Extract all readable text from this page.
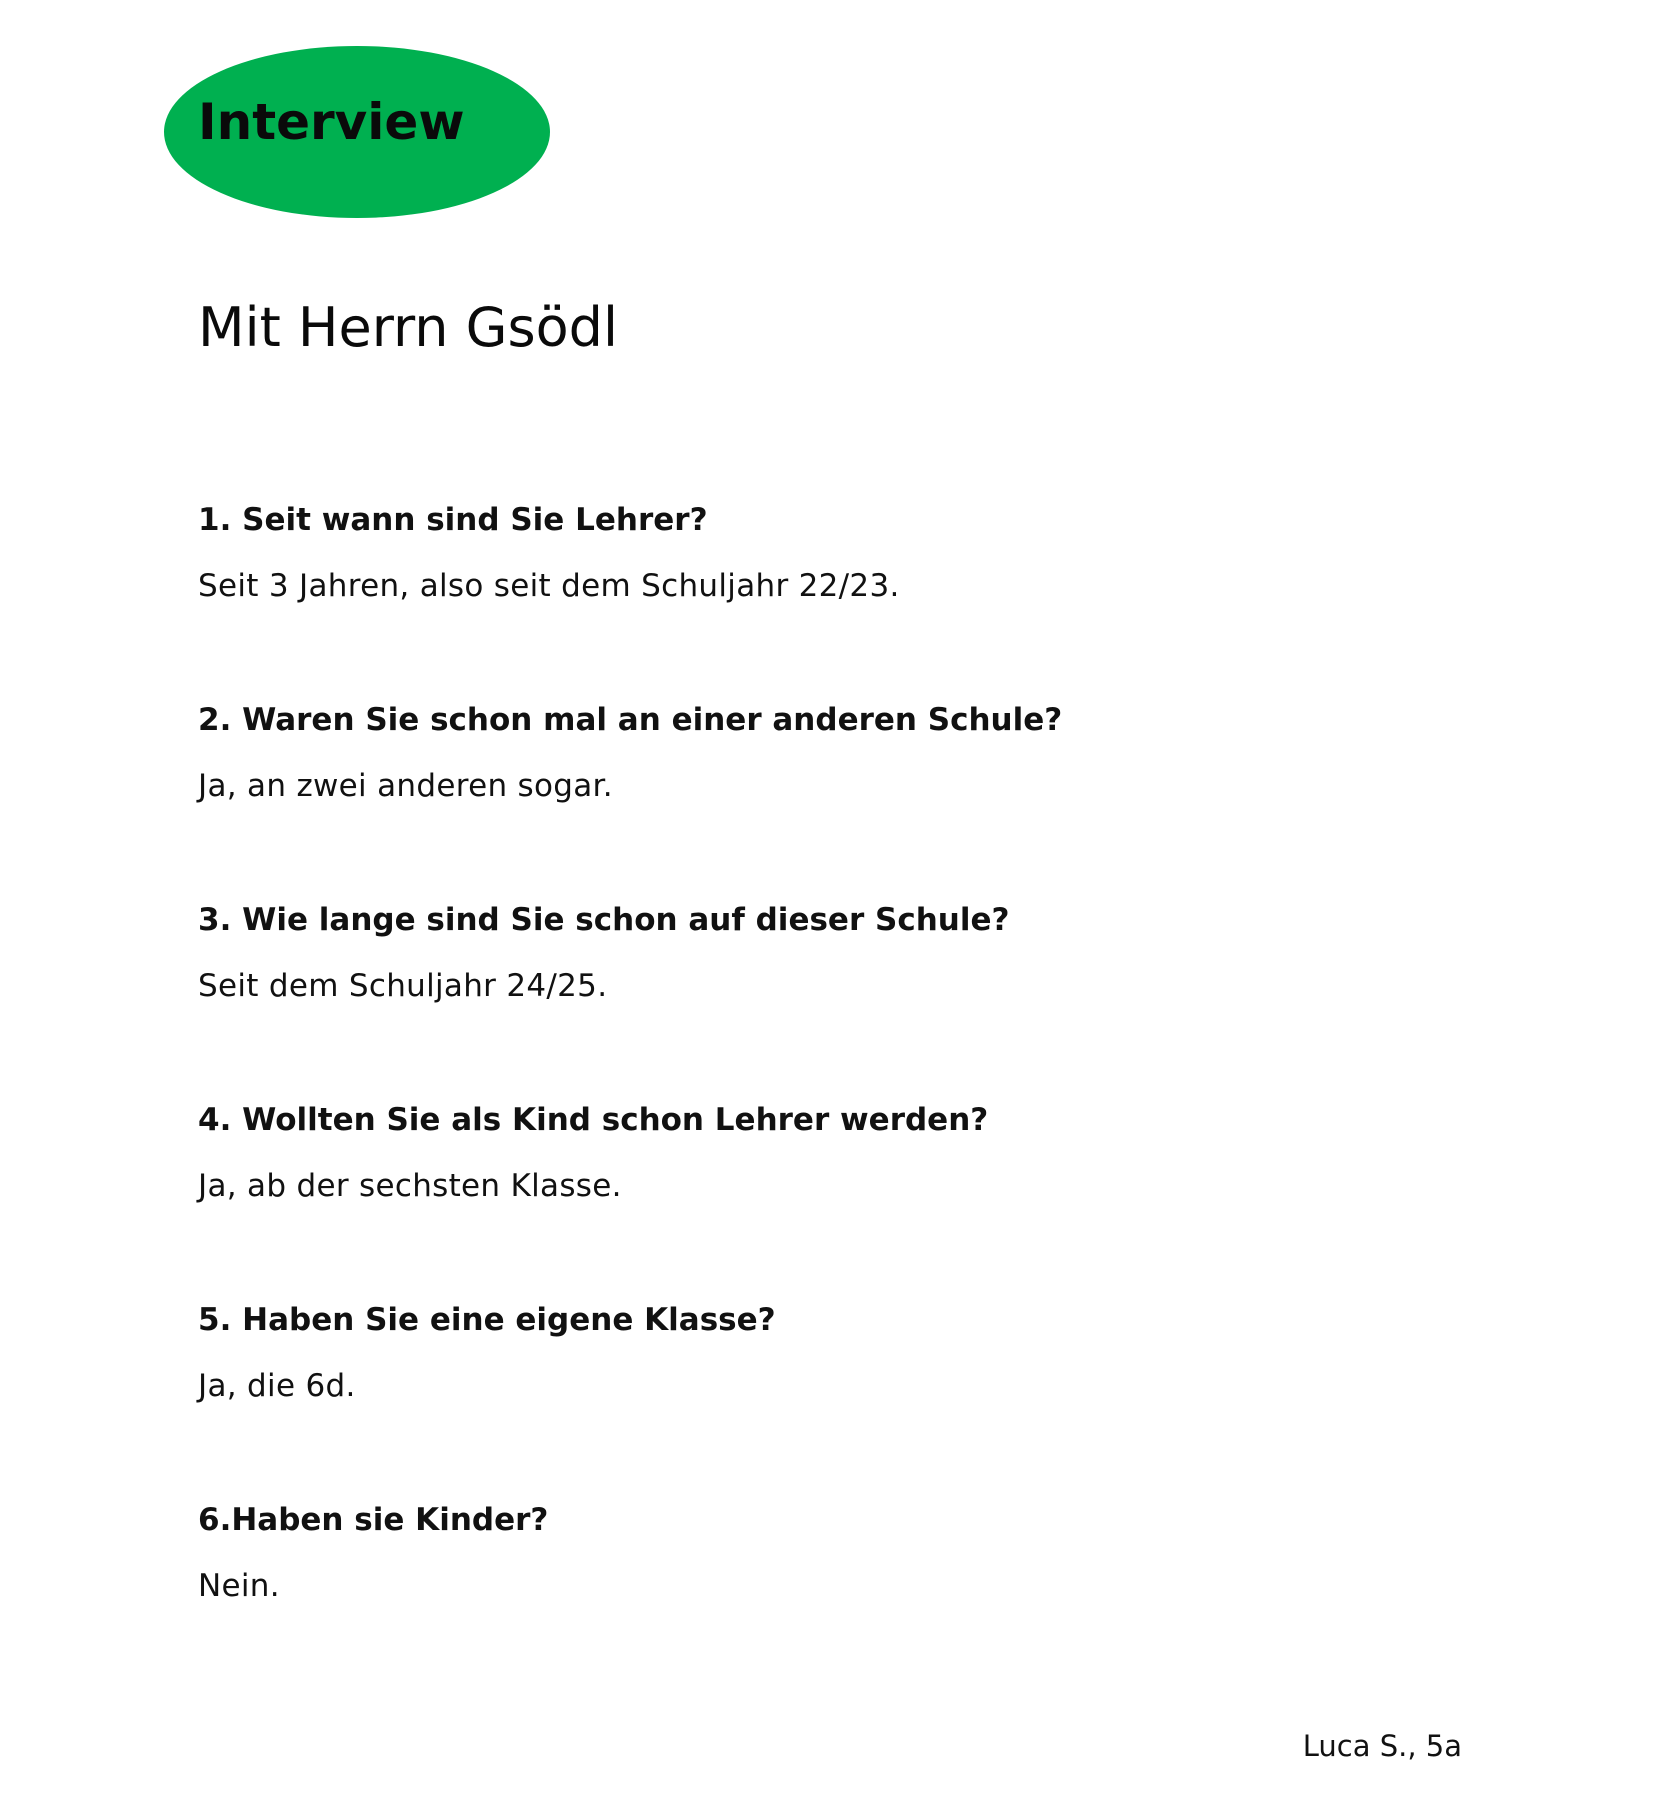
Interview
Mit Herrn Gsödl
1. Seit wann sind Sie Lehrer?
Seit 3 Jahren, also seit dem Schuljahr 22/23.
2. Waren Sie schon mal an einer anderen Schule?
Ja, an zwei anderen sogar.
3. Wie lange sind Sie schon auf dieser Schule?
Seit dem Schuljahr 24/25.
4. Wollten Sie als Kind schon Lehrer werden?
Ja, ab der sechsten Klasse.
5. Haben Sie eine eigene Klasse?
Ja, die 6d.
6.Haben sie Kinder?
Nein.
Luca S., 5a
